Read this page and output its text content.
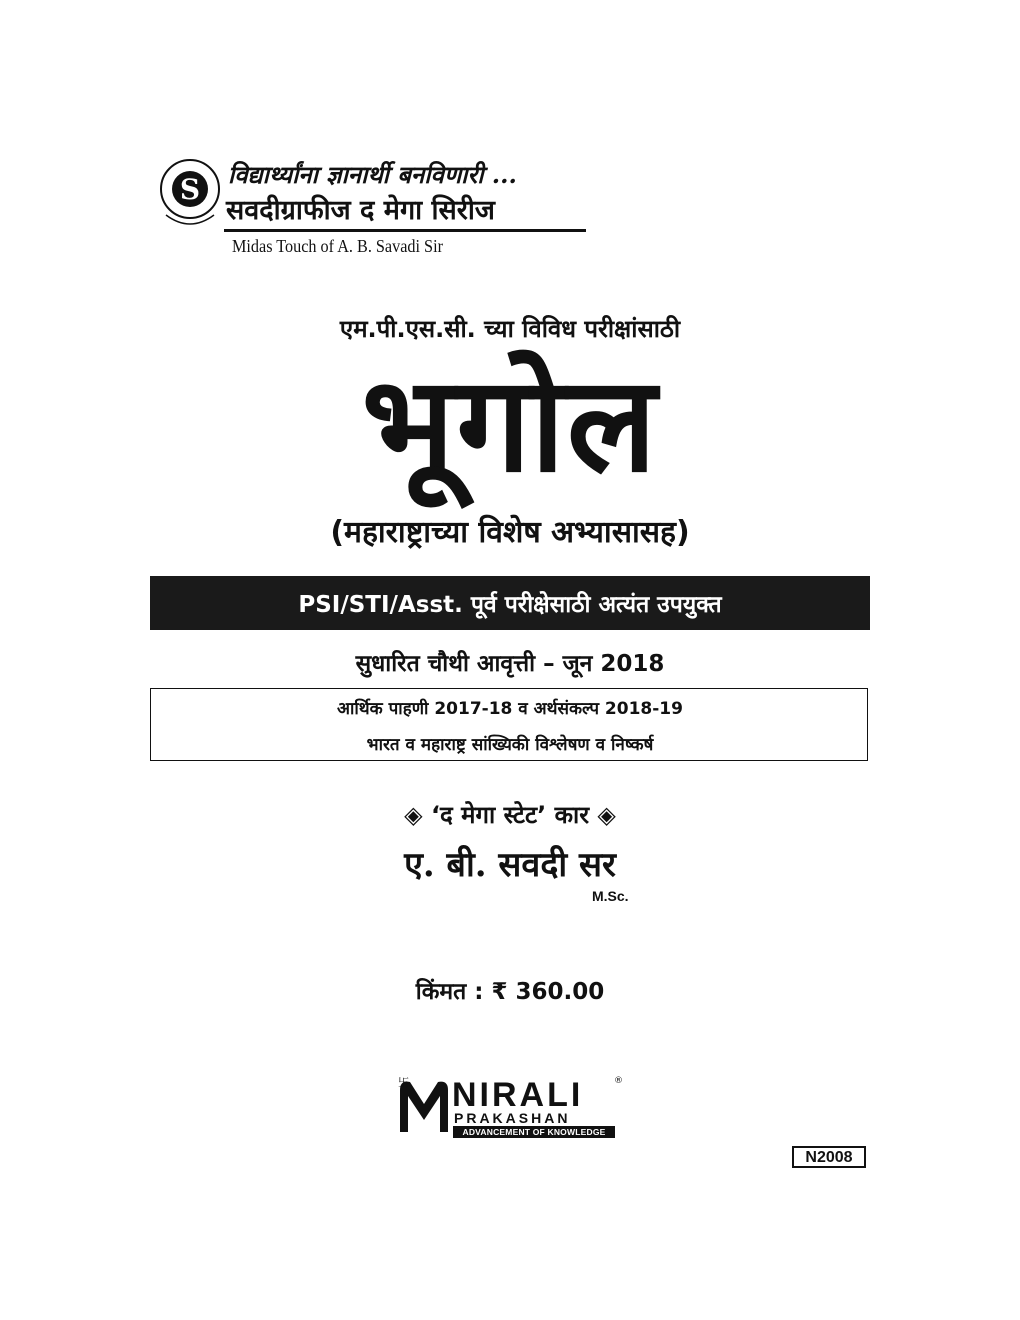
S विद्यार्थ्यांना ज्ञानार्थी बनविणारी ...
सवदीग्राफीज द मेगा सिरीज
Midas Touch of A. B. Savadi Sir
एम.पी.एस.सी. च्या विविध परीक्षांसाठी
भूगोल
(महाराष्ट्राच्या विशेष अभ्यासासह)
PSI/STI/Asst. पूर्व परीक्षेसाठी अत्यंत उपयुक्त
सुधारित चौथी आवृत्ती – जून 2018
आर्थिक पाहणी 2017-18 व अर्थसंकल्प 2018-19
भारत व महाराष्ट्र सांख्यिकी विश्लेषण व निष्कर्ष
◈ ‘द मेगा स्टेट’ कार ◈
ए. बी. सवदी सर
M.Sc.
किंमत : ₹ 360.00
卐 NIRALI
PRAKASHAN
ADVANCEMENT OF KNOWLEDGE
®
N2008
